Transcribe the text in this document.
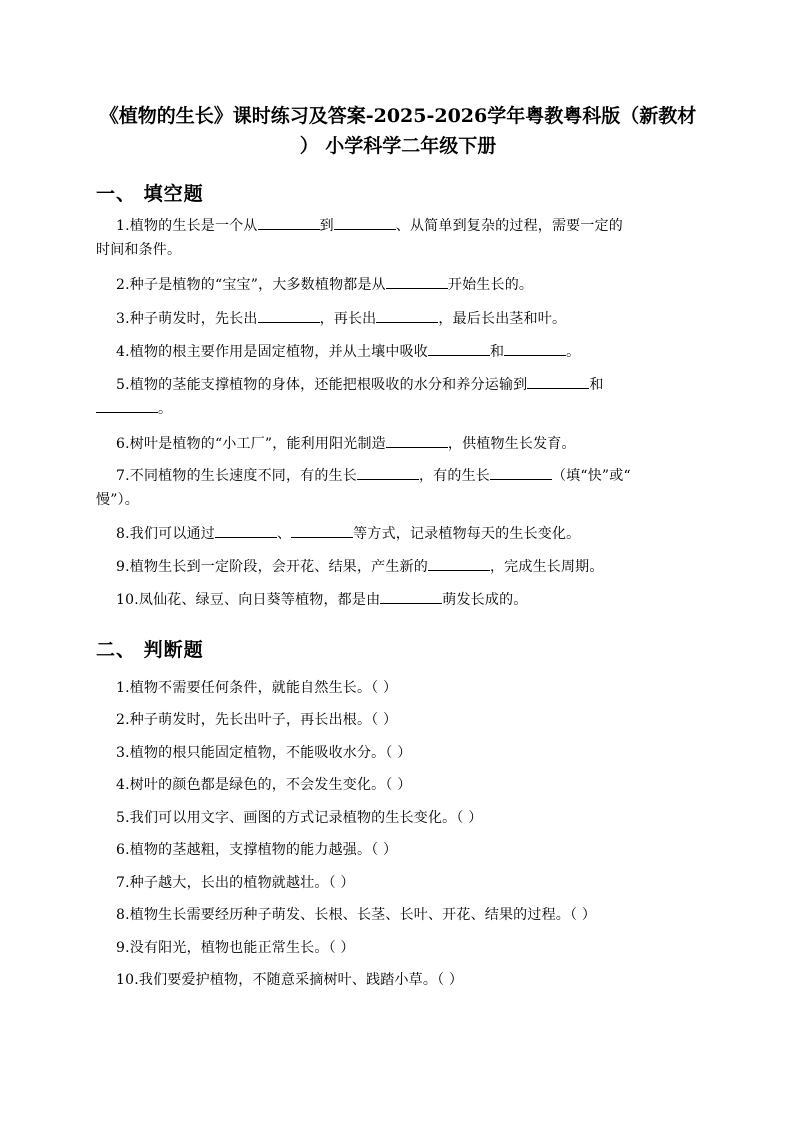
《植物的生长》课时练习及答案-2025-2026学年粤教粤科版（新教材
） 小学科学二年级下册
一、 填空题
1.植物的生长是一个从	到	、从简单到复杂的过程，需要一定的
时间和条件。
2.种子是植物的“宝宝”，大多数植物都是从	开始生长的。
3.种子萌发时，先长出	，再长出	，最后长出茎和叶。
4.植物的根主要作用是固定植物，并从土壤中吸收	和	。
5.植物的茎能支撑植物的身体，还能把根吸收的水分和养分运输到	和
。
6.树叶是植物的“小工厂”，能利用阳光制造	，供植物生长发育。
7.不同植物的生长速度不同，有的生长	，有的生长	（填“快”或“
慢”）。
8.我们可以通过	、	等方式，记录植物每天的生长变化。
9.植物生长到一定阶段，会开花、结果，产生新的	，完成生长周期。
10.凤仙花、绿豆、向日葵等植物，都是由	萌发长成的。
二、 判断题
1.植物不需要任何条件，就能自然生长。（ ）
2.种子萌发时，先长出叶子，再长出根。（ ）
3.植物的根只能固定植物，不能吸收水分。（ ）
4.树叶的颜色都是绿色的，不会发生变化。（ ）
5.我们可以用文字、画图的方式记录植物的生长变化。（ ）
6.植物的茎越粗，支撑植物的能力越强。（ ）
7.种子越大，长出的植物就越壮。（ ）
8.植物生长需要经历种子萌发、长根、长茎、长叶、开花、结果的过程。（ ）
9.没有阳光，植物也能正常生长。（ ）
10.我们要爱护植物，不随意采摘树叶、践踏小草。（ ）
